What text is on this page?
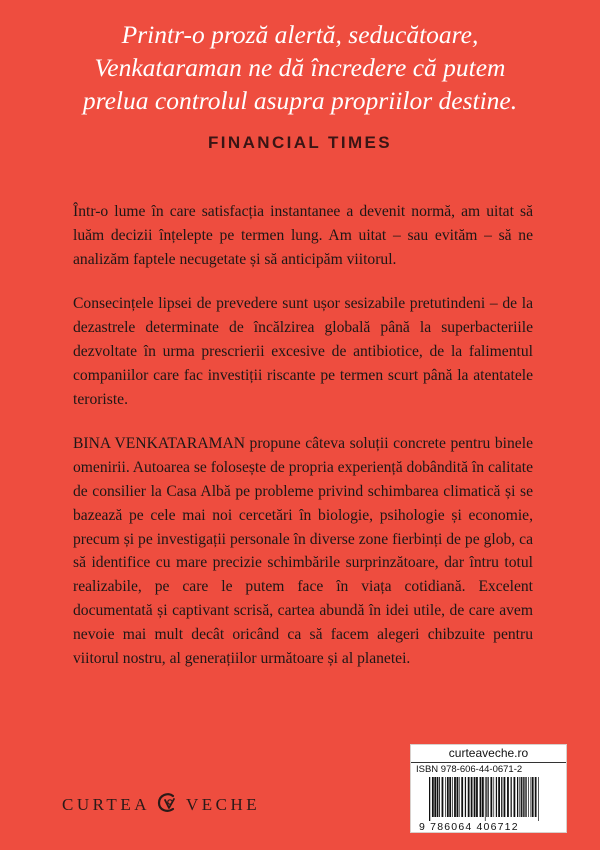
Printr-o proză alertă, seducătoare,
Venkataraman ne dă încredere că putem
prelua controlul asupra propriilor destine.
FINANCIAL TIMES

Într-o lume în care satisfacția instantanee a devenit normă, am uitat să luăm decizii înțelepte pe termen lung. Am uitat – sau evităm – să ne analizăm faptele necugetate și să anticipăm viitorul.

Consecințele lipsei de prevedere sunt ușor sesizabile pretutindeni – de la dezastrele determinate de încălzirea globală până la superbacteriile dezvoltate în urma prescrierii excesive de antibiotice, de la falimentul companiilor care fac investiții riscante pe termen scurt până la atentatele teroriste.

BINA VENKATARAMAN propune câteva soluții concrete pentru binele omenirii. Autoarea se folosește de propria experiență dobândită în calitate de consilier la Casa Albă pe probleme privind schimbarea climatică și se bazează pe cele mai noi cercetări în biologie, psihologie și economie, precum și pe investigații personale în diverse zone fierbinți de pe glob, ca să identifice cu mare precizie schimbările surprinzătoare, dar întru totul realizabile, pe care le putem face în viața cotidiană. Excelent documentată și captivant scrisă, cartea abundă în idei utile, de care avem nevoie mai mult decât oricând ca să facem alegeri chibzuite pentru viitorul nostru, al generațiilor următoare și al planetei.

CURTEA VECHE
curteaveche.ro
ISBN 978-606-44-0671-2
9 786064 406712
